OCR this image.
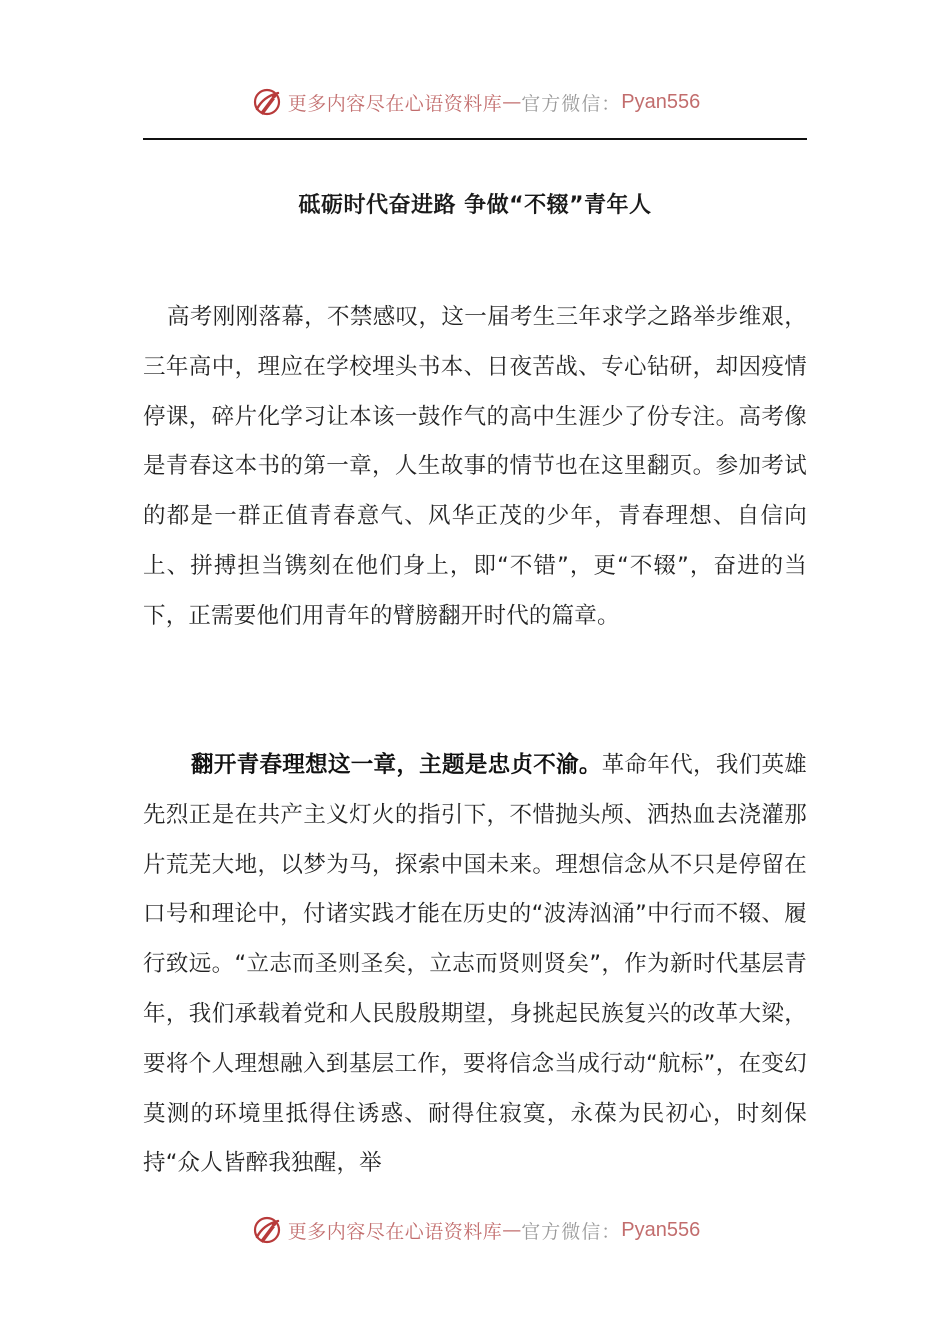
更多内容尽在心语资料库 — 官方微信： Pyan556
砥砺时代奋进路 争做“不辍”青年人

高考刚刚落幕，不禁感叹，这一届考生三年求学之路举步维艰，三年高中，理应在学校埋头书本、日夜苦战、专心钻研，却因疫情停课，碎片化学习让本该一鼓作气的高中生涯少了份专注。高考像是青春这本书的第一章，人生故事的情节也在这里翻页。参加考试的都是一群正值青春意气、风华正茂的少年，青春理想、自信向上、拼搏担当镌刻在他们身上，即“不错”，更“不辍”，奋进的当下，正需要他们用青年的臂膀翻开时代的篇章。

翻开青春理想这一章，主题是忠贞不渝。革命年代，我们英雄先烈正是在共产主义灯火的指引下，不惜抛头颅、洒热血去浇灌那片荒芜大地，以梦为马，探索中国未来。理想信念从不只是停留在口号和理论中，付诸实践才能在历史的“波涛汹涌”中行而不辍、履行致远。“立志而圣则圣矣，立志而贤则贤矣”，作为新时代基层青年，我们承载着党和人民殷殷期望，身挑起民族复兴的改革大梁，要将个人理想融入到基层工作，要将信念当成行动“航标”，在变幻莫测的环境里抵得住诱惑、耐得住寂寞，永葆为民初心，时刻保持“众人皆醉我独醒，举

更多内容尽在心语资料库 — 官方微信： Pyan556
